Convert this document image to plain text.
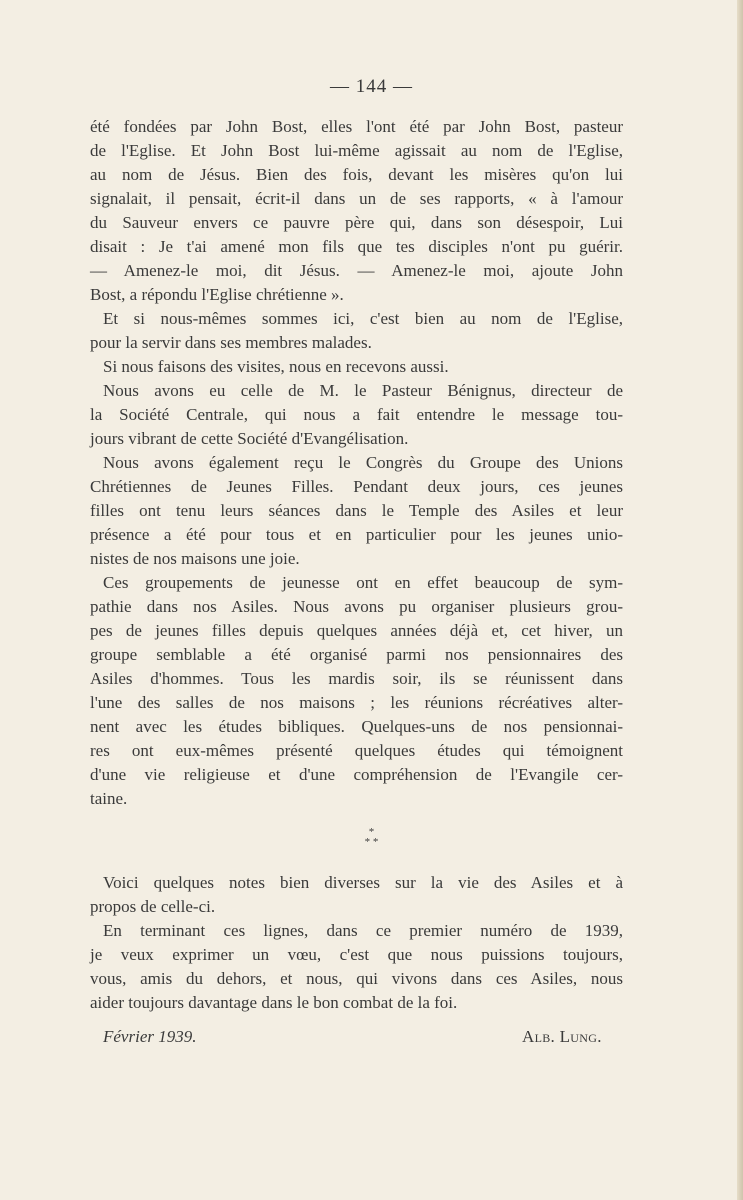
— 144 —
été fondées par John Bost, elles l'ont été par John Bost, pasteur
de l'Eglise. Et John Bost lui-même agissait au nom de l'Eglise,
au nom de Jésus. Bien des fois, devant les misères qu'on lui
signalait, il pensait, écrit-il dans un de ses rapports, « à l'amour
du Sauveur envers ce pauvre père qui, dans son désespoir, Lui
disait : Je t'ai amené mon fils que tes disciples n'ont pu guérir.
— Amenez-le moi, dit Jésus. — Amenez-le moi, ajoute John
Bost, a répondu l'Eglise chrétienne ».
Et si nous-mêmes sommes ici, c'est bien au nom de l'Eglise,
pour la servir dans ses membres malades.
Si nous faisons des visites, nous en recevons aussi.
Nous avons eu celle de M. le Pasteur Bénignus, directeur de
la Société Centrale, qui nous a fait entendre le message tou-
jours vibrant de cette Société d'Evangélisation.
Nous avons également reçu le Congrès du Groupe des Unions
Chrétiennes de Jeunes Filles. Pendant deux jours, ces jeunes
filles ont tenu leurs séances dans le Temple des Asiles et leur
présence a été pour tous et en particulier pour les jeunes unio-
nistes de nos maisons une joie.
Ces groupements de jeunesse ont en effet beaucoup de sym-
pathie dans nos Asiles. Nous avons pu organiser plusieurs grou-
pes de jeunes filles depuis quelques années déjà et, cet hiver, un
groupe semblable a été organisé parmi nos pensionnaires des
Asiles d'hommes. Tous les mardis soir, ils se réunissent dans
l'une des salles de nos maisons ; les réunions récréatives alter-
nent avec les études bibliques. Quelques-uns de nos pensionnai-
res ont eux-mêmes présenté quelques études qui témoignent
d'une vie religieuse et d'une compréhension de l'Evangile cer-
taine.
*
* *
Voici quelques notes bien diverses sur la vie des Asiles et à
propos de celle-ci.
En terminant ces lignes, dans ce premier numéro de 1939,
je veux exprimer un vœu, c'est que nous puissions toujours,
vous, amis du dehors, et nous, qui vivons dans ces Asiles, nous
aider toujours davantage dans le bon combat de la foi.
Février 1939.	Alb. Lung.
